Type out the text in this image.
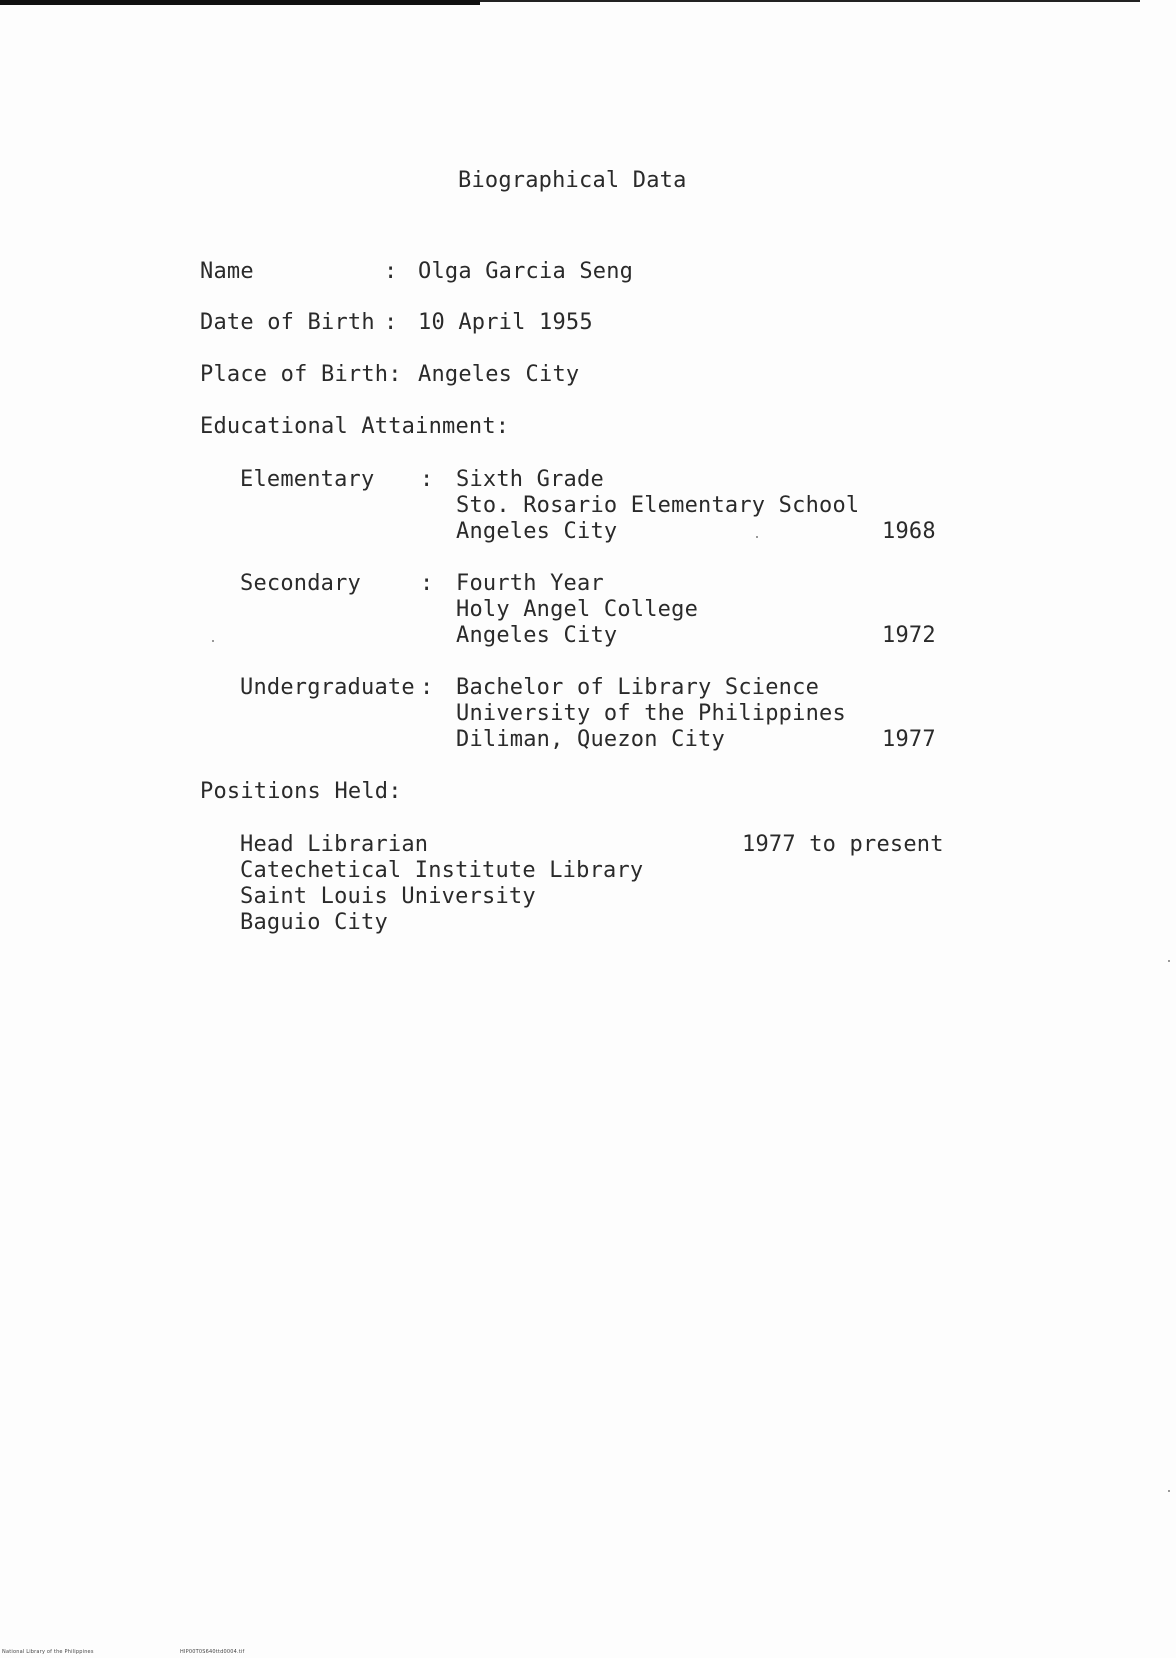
Biographical Data
Name	: Olga Garcia Seng
Date of Birth : 10 April 1955
Place of Birth: Angeles City
Educational Attainment:
Elementary : Sixth Grade
Sto. Rosario Elementary School
Angeles City	1968
Secondary	: Fourth Year
Holy Angel College
Angeles City	1972
Undergraduate : Bachelor of Library Science
University of the Philippines
Diliman, Quezon City	1977
Positions Held:
Head Librarian	1977 to present
Catechetical Institute Library
Saint Louis University
Baguio City
National Library of the Philippines	HIP00T0S640ttd0004.tif
